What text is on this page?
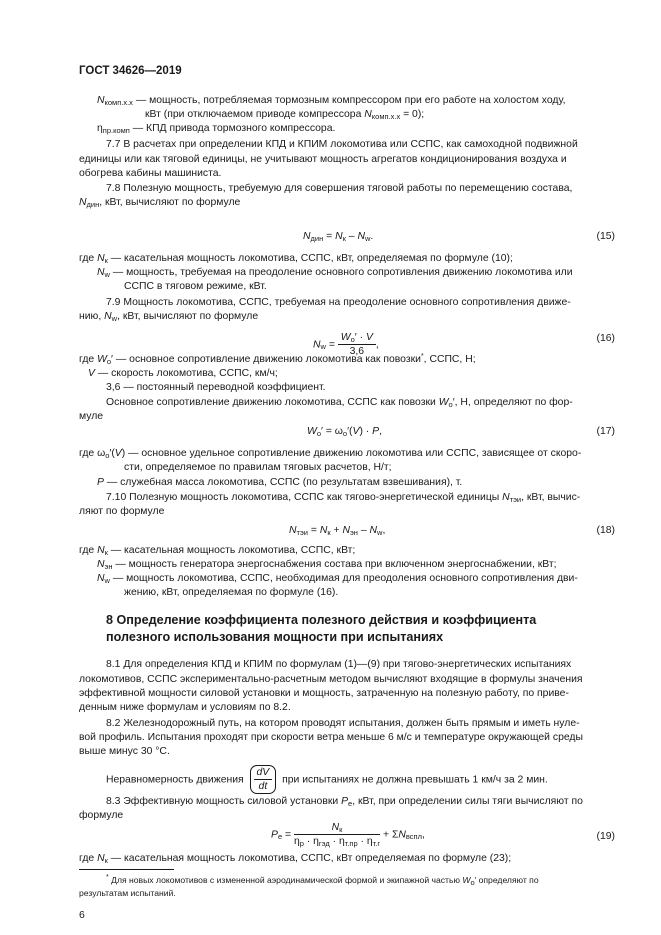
ГОСТ 34626—2019
Nкомп.х.х — мощность, потребляемая тормозным компрессором при его работе на холостом ходу,
кВт (при отключаемом приводе компрессора Nкомп.х.х = 0);
ηпр.комп — КПД привода тормозного компрессора.
7.7 В расчетах при определении КПД и КПИМ локомотива или ССПС, как самоходной подвижной
единицы или как тяговой единицы, не учитывают мощность агрегатов кондиционирования воздуха и
обогрева кабины машиниста.
7.8 Полезную мощность, требуемую для совершения тяговой работы по перемещению состава,
Nдин, кВт, вычисляют по формуле
Nдин = Nк – Nw.	(15)
где Nк — касательная мощность локомотива, ССПС, кВт, определяемая по формуле (10);
Nw — мощность, требуемая на преодоление основного сопротивления движению локомотива или
ССПС в тяговом режиме, кВт.
7.9 Мощность локомотива, ССПС, требуемая на преодоление основного сопротивления движе-
нию, Nw, кВт, вычисляют по формуле
$Nw = \frac{Wо' \cdot V}{3,6}$ ,
(16)
где Wо′ — основное сопротивление движению локомотива как повозки*, ССПС, Н;
V — скорость локомотива, ССПС, км/ч;
3,6 — постоянный переводной коэффициент.
Основное сопротивление движению локомотива, ССПС как повозки Wо′, Н, определяют по фор-
муле
Wо′ = ωо′(V) · P,	(17)
где ωо′(V) — основное удельное сопротивление движению локомотива или ССПС, зависящее от скоро-
сти, определяемое по правилам тяговых расчетов, Н/т;
P — служебная масса локомотива, ССПС (по результатам взвешивания), т.
7.10 Полезную мощность локомотива, ССПС как тягово-энергетической единицы Nтэи, кВт, вычис-
ляют по формуле
Nтэи = Nк + Nэн – Nw,	(18)
где Nк — касательная мощность локомотива, ССПС, кВт;
Nэн — мощность генератора энергоснабжения состава при включенном энергоснабжении, кВт;
Nw — мощность локомотива, ССПС, необходимая для преодоления основного сопротивления дви-
жению, кВт, определяемая по формуле (16).
8 Определение коэффициента полезного действия и коэффициента
полезного использования мощности при испытаниях
8.1 Для определения КПД и КПИМ по формулам (1)—(9) при тягово-энергетических испытаниях
локомотивов, ССПС экспериментально-расчетным методом вычисляют входящие в формулы значения
эффективной мощности силовой установки и мощность, затраченную на полезную работу, по приве-
денным ниже формулам и условиям по 8.2.
8.2 Железнодорожный путь, на котором проводят испытания, должен быть прямым и иметь нуле-
вой профиль. Испытания проходят при скорости ветра меньше 6 м/с и температуре окружающей среды
выше минус 30 °С.
Неравномерность движения $\frac{dV}{dt}$ при испытаниях не должна превышать 1 км/ч за 2 мин.
8.3 Эффективную мощность силовой установки Pе, кВт, при определении силы тяги вычисляют по
формуле
Pе = $\frac{Nк}{\text{ηр · ηгэд · ηт.пр · ηт.г}}$ + ΣNвспл,	(19)
где Nк — касательная мощность локомотива, ССПС, кВт определяемая по формуле (23);
* Для новых локомотивов с измененной аэродинамической формой и экипажной частью Wо′ определяют по
результатам испытаний.
6
